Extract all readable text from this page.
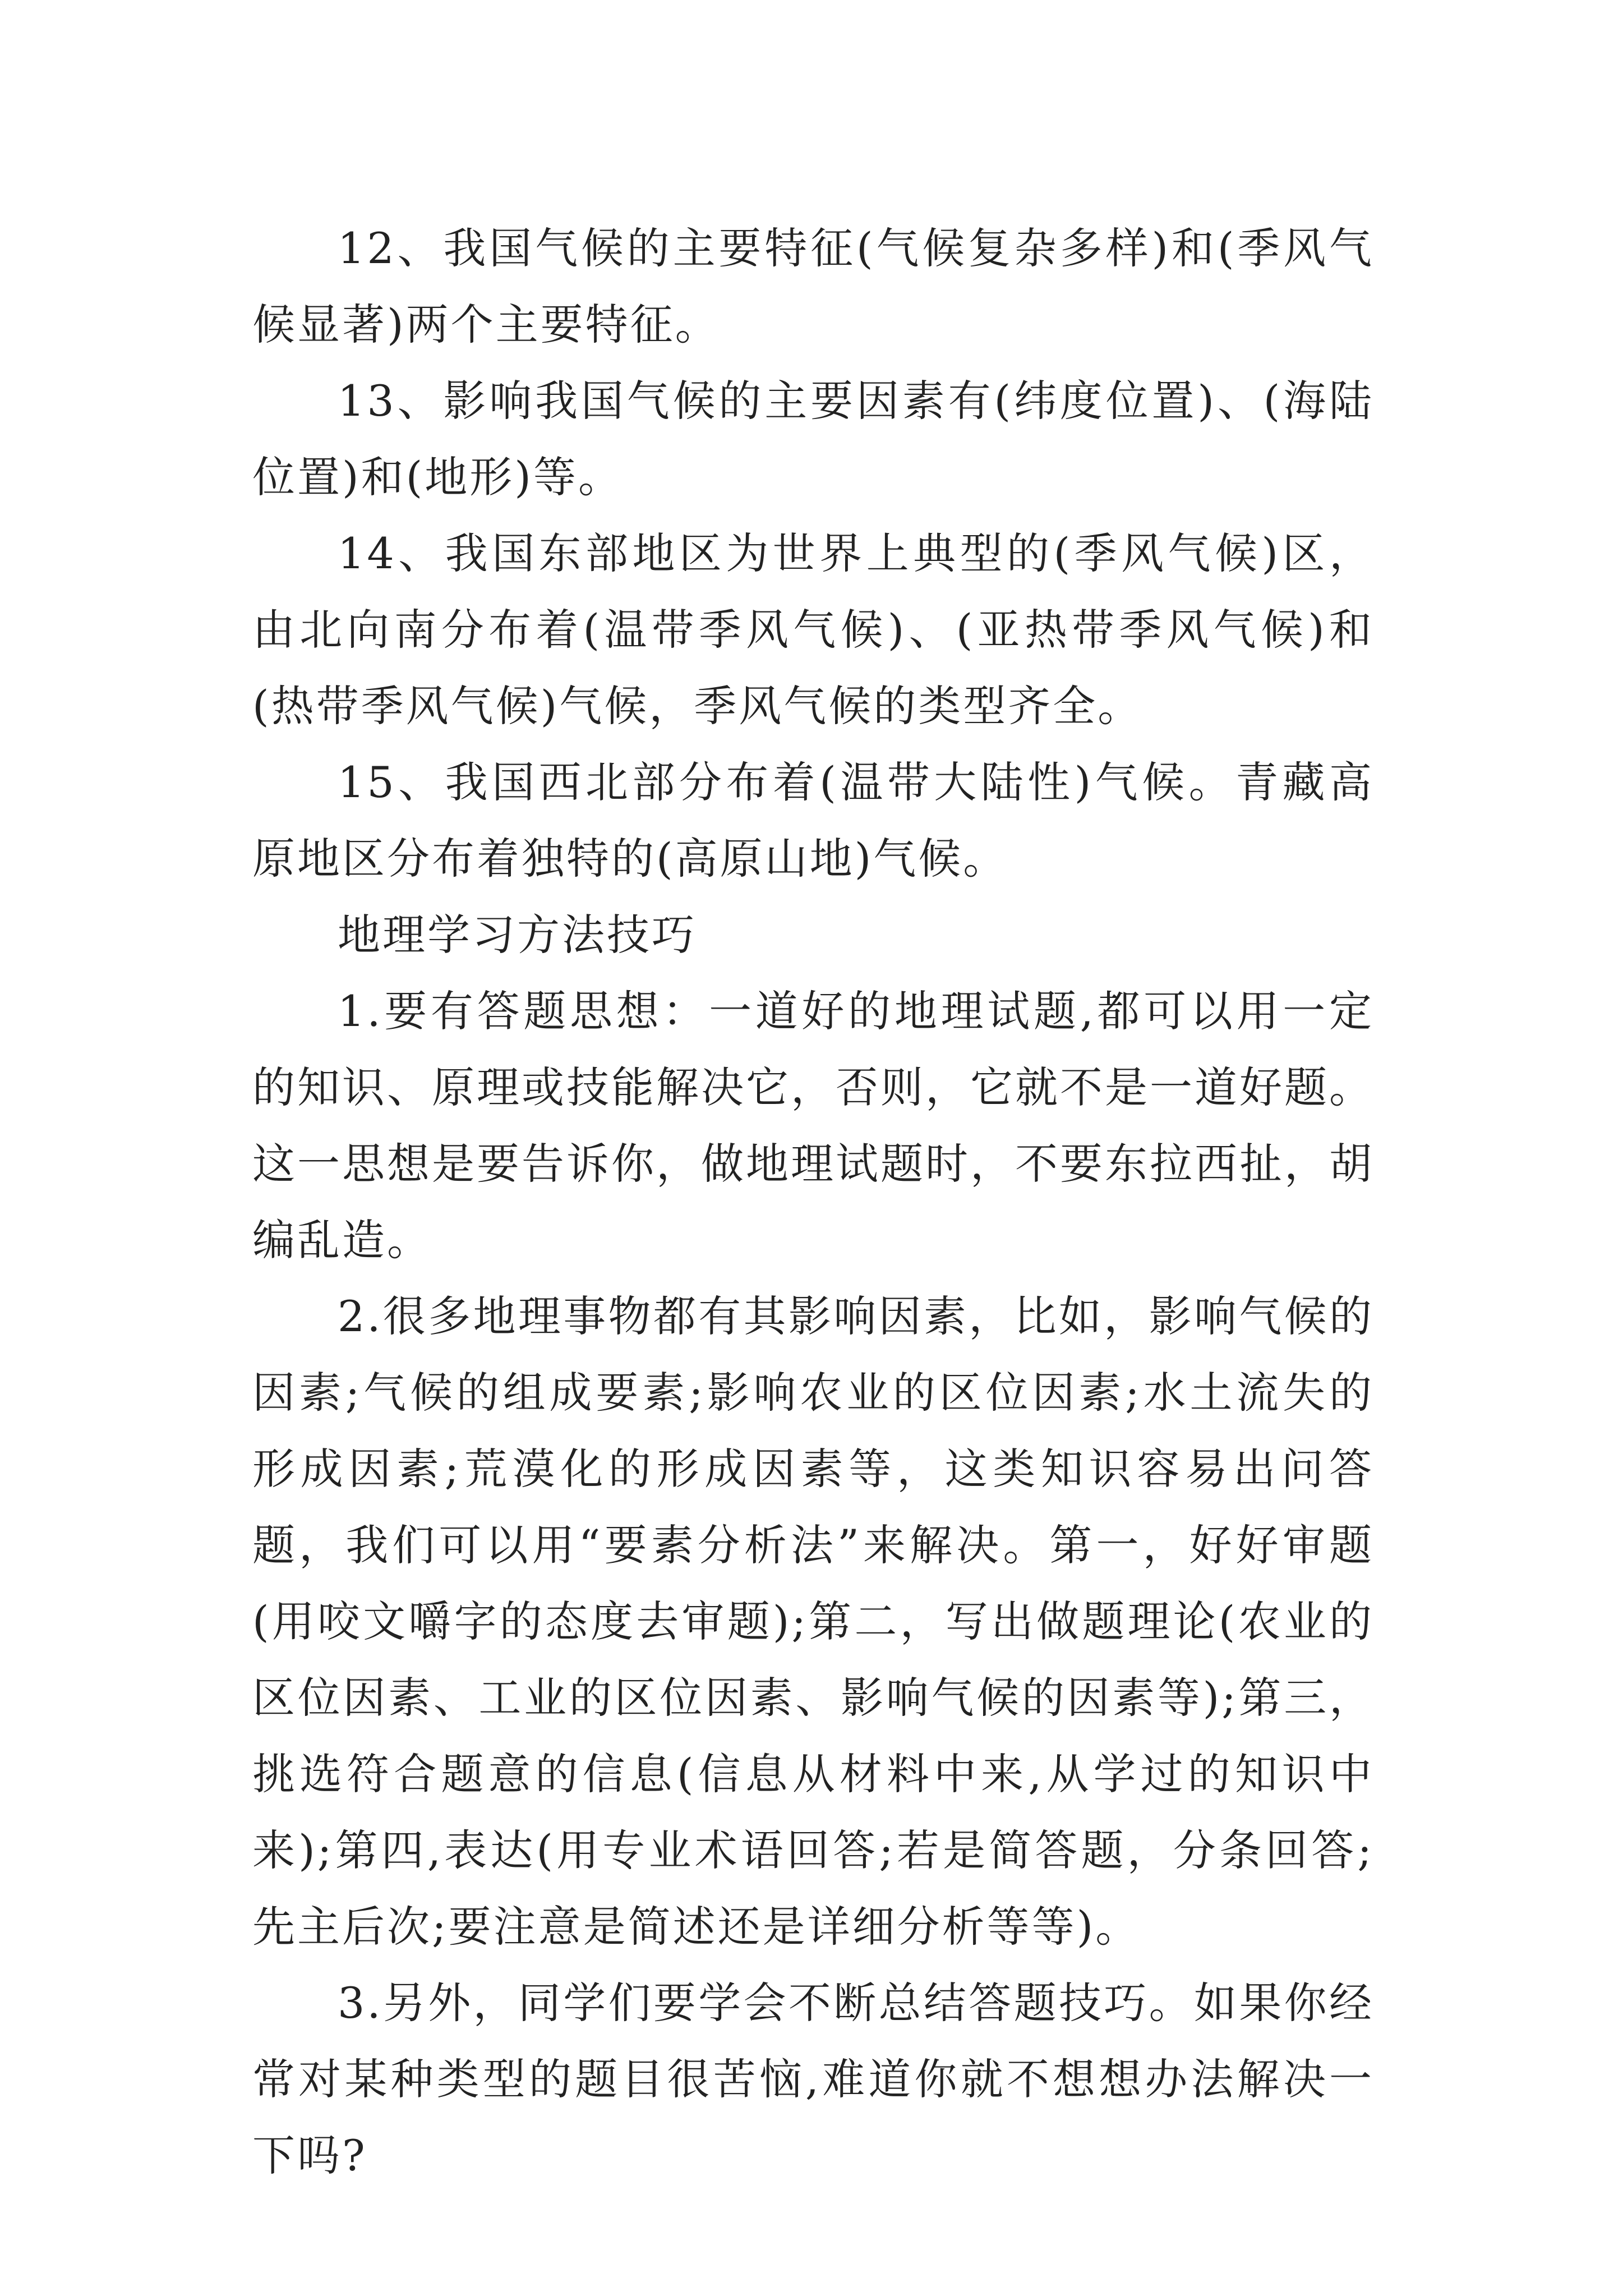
12、我国气候的主要特征(气候复杂多样)和(季风气候显著)两个主要特征。

13、影响我国气候的主要因素有(纬度位置)、(海陆位置)和(地形)等。

14、我国东部地区为世界上典型的(季风气候)区，由北向南分布着(温带季风气候)、(亚热带季风气候)和(热带季风气候)气候，季风气候的类型齐全。

15、我国西北部分布着(温带大陆性)气候。青藏高原地区分布着独特的(高原山地)气候。

地理学习方法技巧

1.要有答题思想：一道好的地理试题,都可以用一定的知识、原理或技能解决它，否则，它就不是一道好题。这一思想是要告诉你，做地理试题时，不要东拉西扯，胡编乱造。

2.很多地理事物都有其影响因素，比如，影响气候的因素;气候的组成要素;影响农业的区位因素;水土流失的形成因素;荒漠化的形成因素等，这类知识容易出问答题，我们可以用“要素分析法”来解决。第一，好好审题(用咬文嚼字的态度去审题);第二，写出做题理论(农业的区位因素、工业的区位因素、影响气候的因素等);第三，挑选符合题意的信息(信息从材料中来,从学过的知识中来);第四,表达(用专业术语回答;若是简答题，分条回答;先主后次;要注意是简述还是详细分析等等)。

3.另外，同学们要学会不断总结答题技巧。如果你经常对某种类型的题目很苦恼,难道你就不想想办法解决一下吗?
